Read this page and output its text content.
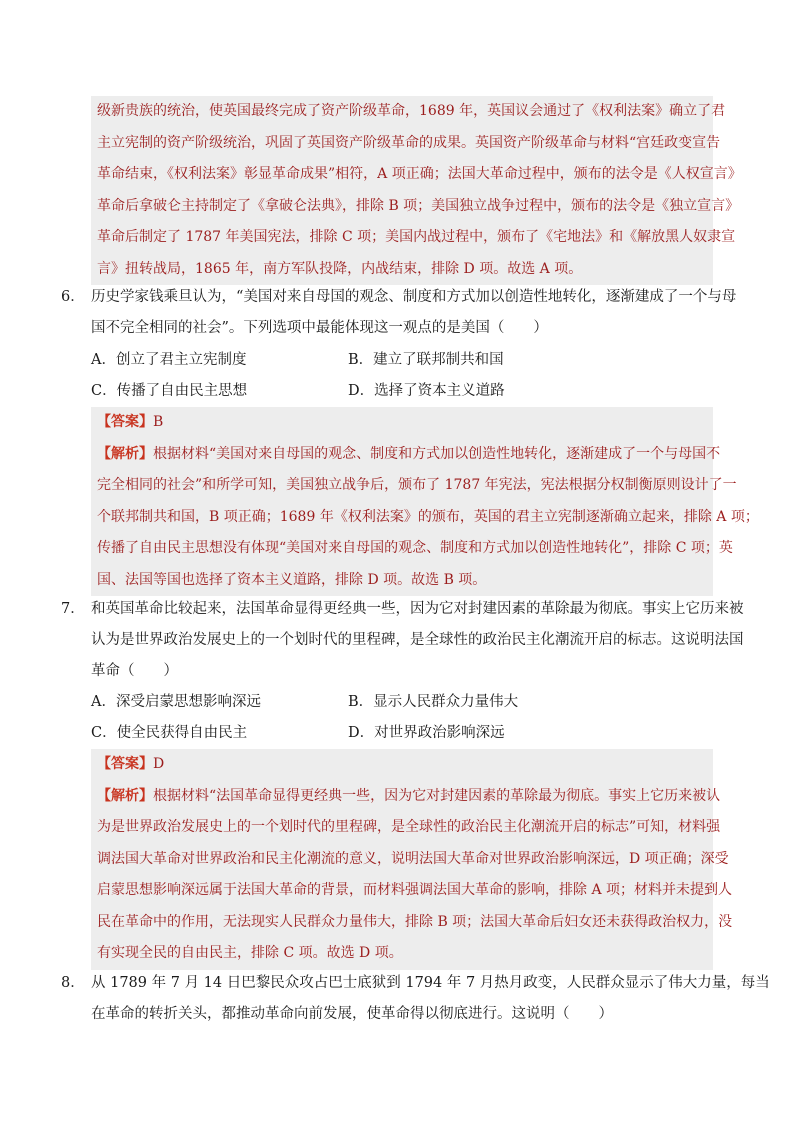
级新贵族的统治，使英国最终完成了资产阶级革命，1689 年，英国议会通过了《权利法案》确立了君

主立宪制的资产阶级统治，巩固了英国资产阶级革命的成果。英国资产阶级革命与材料“宫廷政变宣告

革命结束，《权利法案》彰显革命成果”相符，A 项正确；法国大革命过程中，颁布的法令是《人权宣言》

革命后拿破仑主持制定了《拿破仑法典》，排除 B 项；美国独立战争过程中，颁布的法令是《独立宣言》

革命后制定了 1787 年美国宪法，排除 C 项；美国内战过程中，颁布了《宅地法》和《解放黑人奴隶宣

言》扭转战局，1865 年，南方军队投降，内战结束，排除 D 项。故选 A 项。

6． 历史学家钱乘旦认为，“美国对来自母国的观念、制度和方式加以创造性地转化，逐渐建成了一个与母

国不完全相同的社会”。下列选项中最能体现这一观点的是美国（　　）

A．创立了君主立宪制度	B．建立了联邦制共和国
C．传播了自由民主思想	D．选择了资本主义道路

【答案】B

【解析】根据材料“美国对来自母国的观念、制度和方式加以创造性地转化，逐渐建成了一个与母国不

完全相同的社会”和所学可知，美国独立战争后，颁布了 1787 年宪法，宪法根据分权制衡原则设计了一

个联邦制共和国，B 项正确；1689 年《权利法案》的颁布，英国的君主立宪制逐渐确立起来，排除 A 项；

传播了自由民主思想没有体现“美国对来自母国的观念、制度和方式加以创造性地转化”，排除 C 项；英

国、法国等国也选择了资本主义道路，排除 D 项。故选 B 项。

7． 和英国革命比较起来，法国革命显得更经典一些，因为它对封建因素的革除最为彻底。事实上它历来被

认为是世界政治发展史上的一个划时代的里程碑，是全球性的政治民主化潮流开启的标志。这说明法国

革命（　　）

A．深受启蒙思想影响深远	B．显示人民群众力量伟大
C．使全民获得自由民主	D．对世界政治影响深远

【答案】D

【解析】根据材料“法国革命显得更经典一些，因为它对封建因素的革除最为彻底。事实上它历来被认

为是世界政治发展史上的一个划时代的里程碑，是全球性的政治民主化潮流开启的标志”可知，材料强

调法国大革命对世界政治和民主化潮流的意义，说明法国大革命对世界政治影响深远，D 项正确；深受

启蒙思想影响深远属于法国大革命的背景，而材料强调法国大革命的影响，排除 A 项；材料并未提到人

民在革命中的作用，无法现实人民群众力量伟大，排除 B 项；法国大革命后妇女还未获得政治权力，没

有实现全民的自由民主，排除 C 项。故选 D 项。

8． 从 1789 年 7 月 14 日巴黎民众攻占巴士底狱到 1794 年 7 月热月政变，人民群众显示了伟大力量，每当

在革命的转折关头，都推动革命向前发展，使革命得以彻底进行。这说明（　　）
